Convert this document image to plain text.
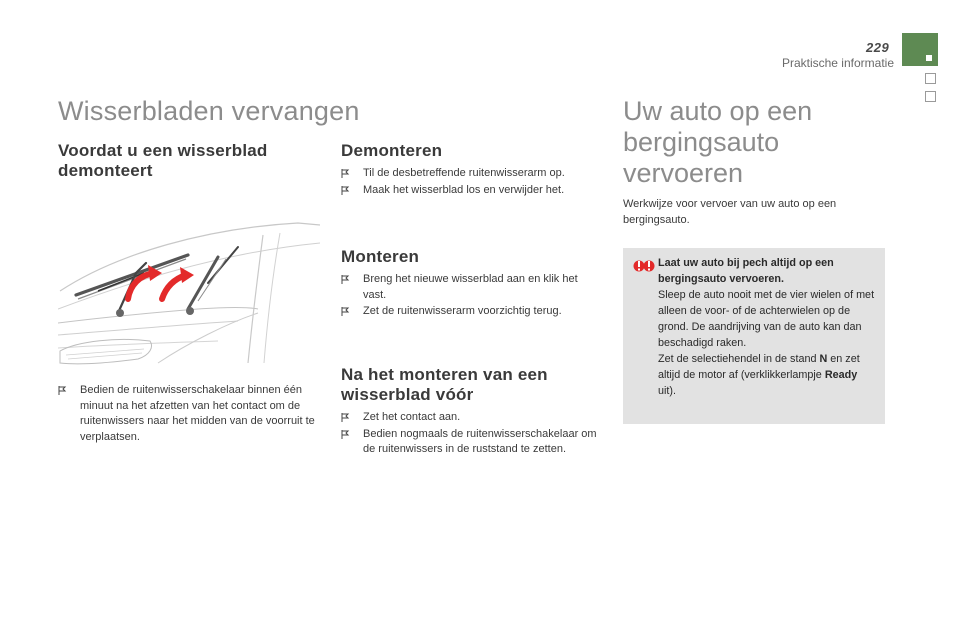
229
Praktische informatie
Wisserbladen vervangen
Voordat u een wisserblad demonteert
Bedien de ruitenwisserschakelaar binnen één minuut na het afzetten van het contact om de ruitenwissers naar het midden van de voorruit te verplaatsen.
Demonteren
Til de desbetreffende ruitenwisserarm op.
Maak het wisserblad los en verwijder het.
Monteren
Breng het nieuwe wisserblad aan en klik het vast.
Zet de ruitenwisserarm voorzichtig terug.
Na het monteren van een wisserblad vóór
Zet het contact aan.
Bedien nogmaals de ruitenwisserschakelaar om de ruitenwissers in de ruststand te zetten.
Uw auto op een bergingsauto vervoeren
Werkwijze voor vervoer van uw auto op een bergingsauto.
Laat uw auto bij pech altijd op een bergingsauto vervoeren.
Sleep de auto nooit met de vier wielen of met alleen de voor- of de achterwielen op de grond. De aandrijving van de auto kan dan beschadigd raken.
Zet de selectiehendel in de stand N en zet altijd de motor af (verklikkerlampje Ready uit).
